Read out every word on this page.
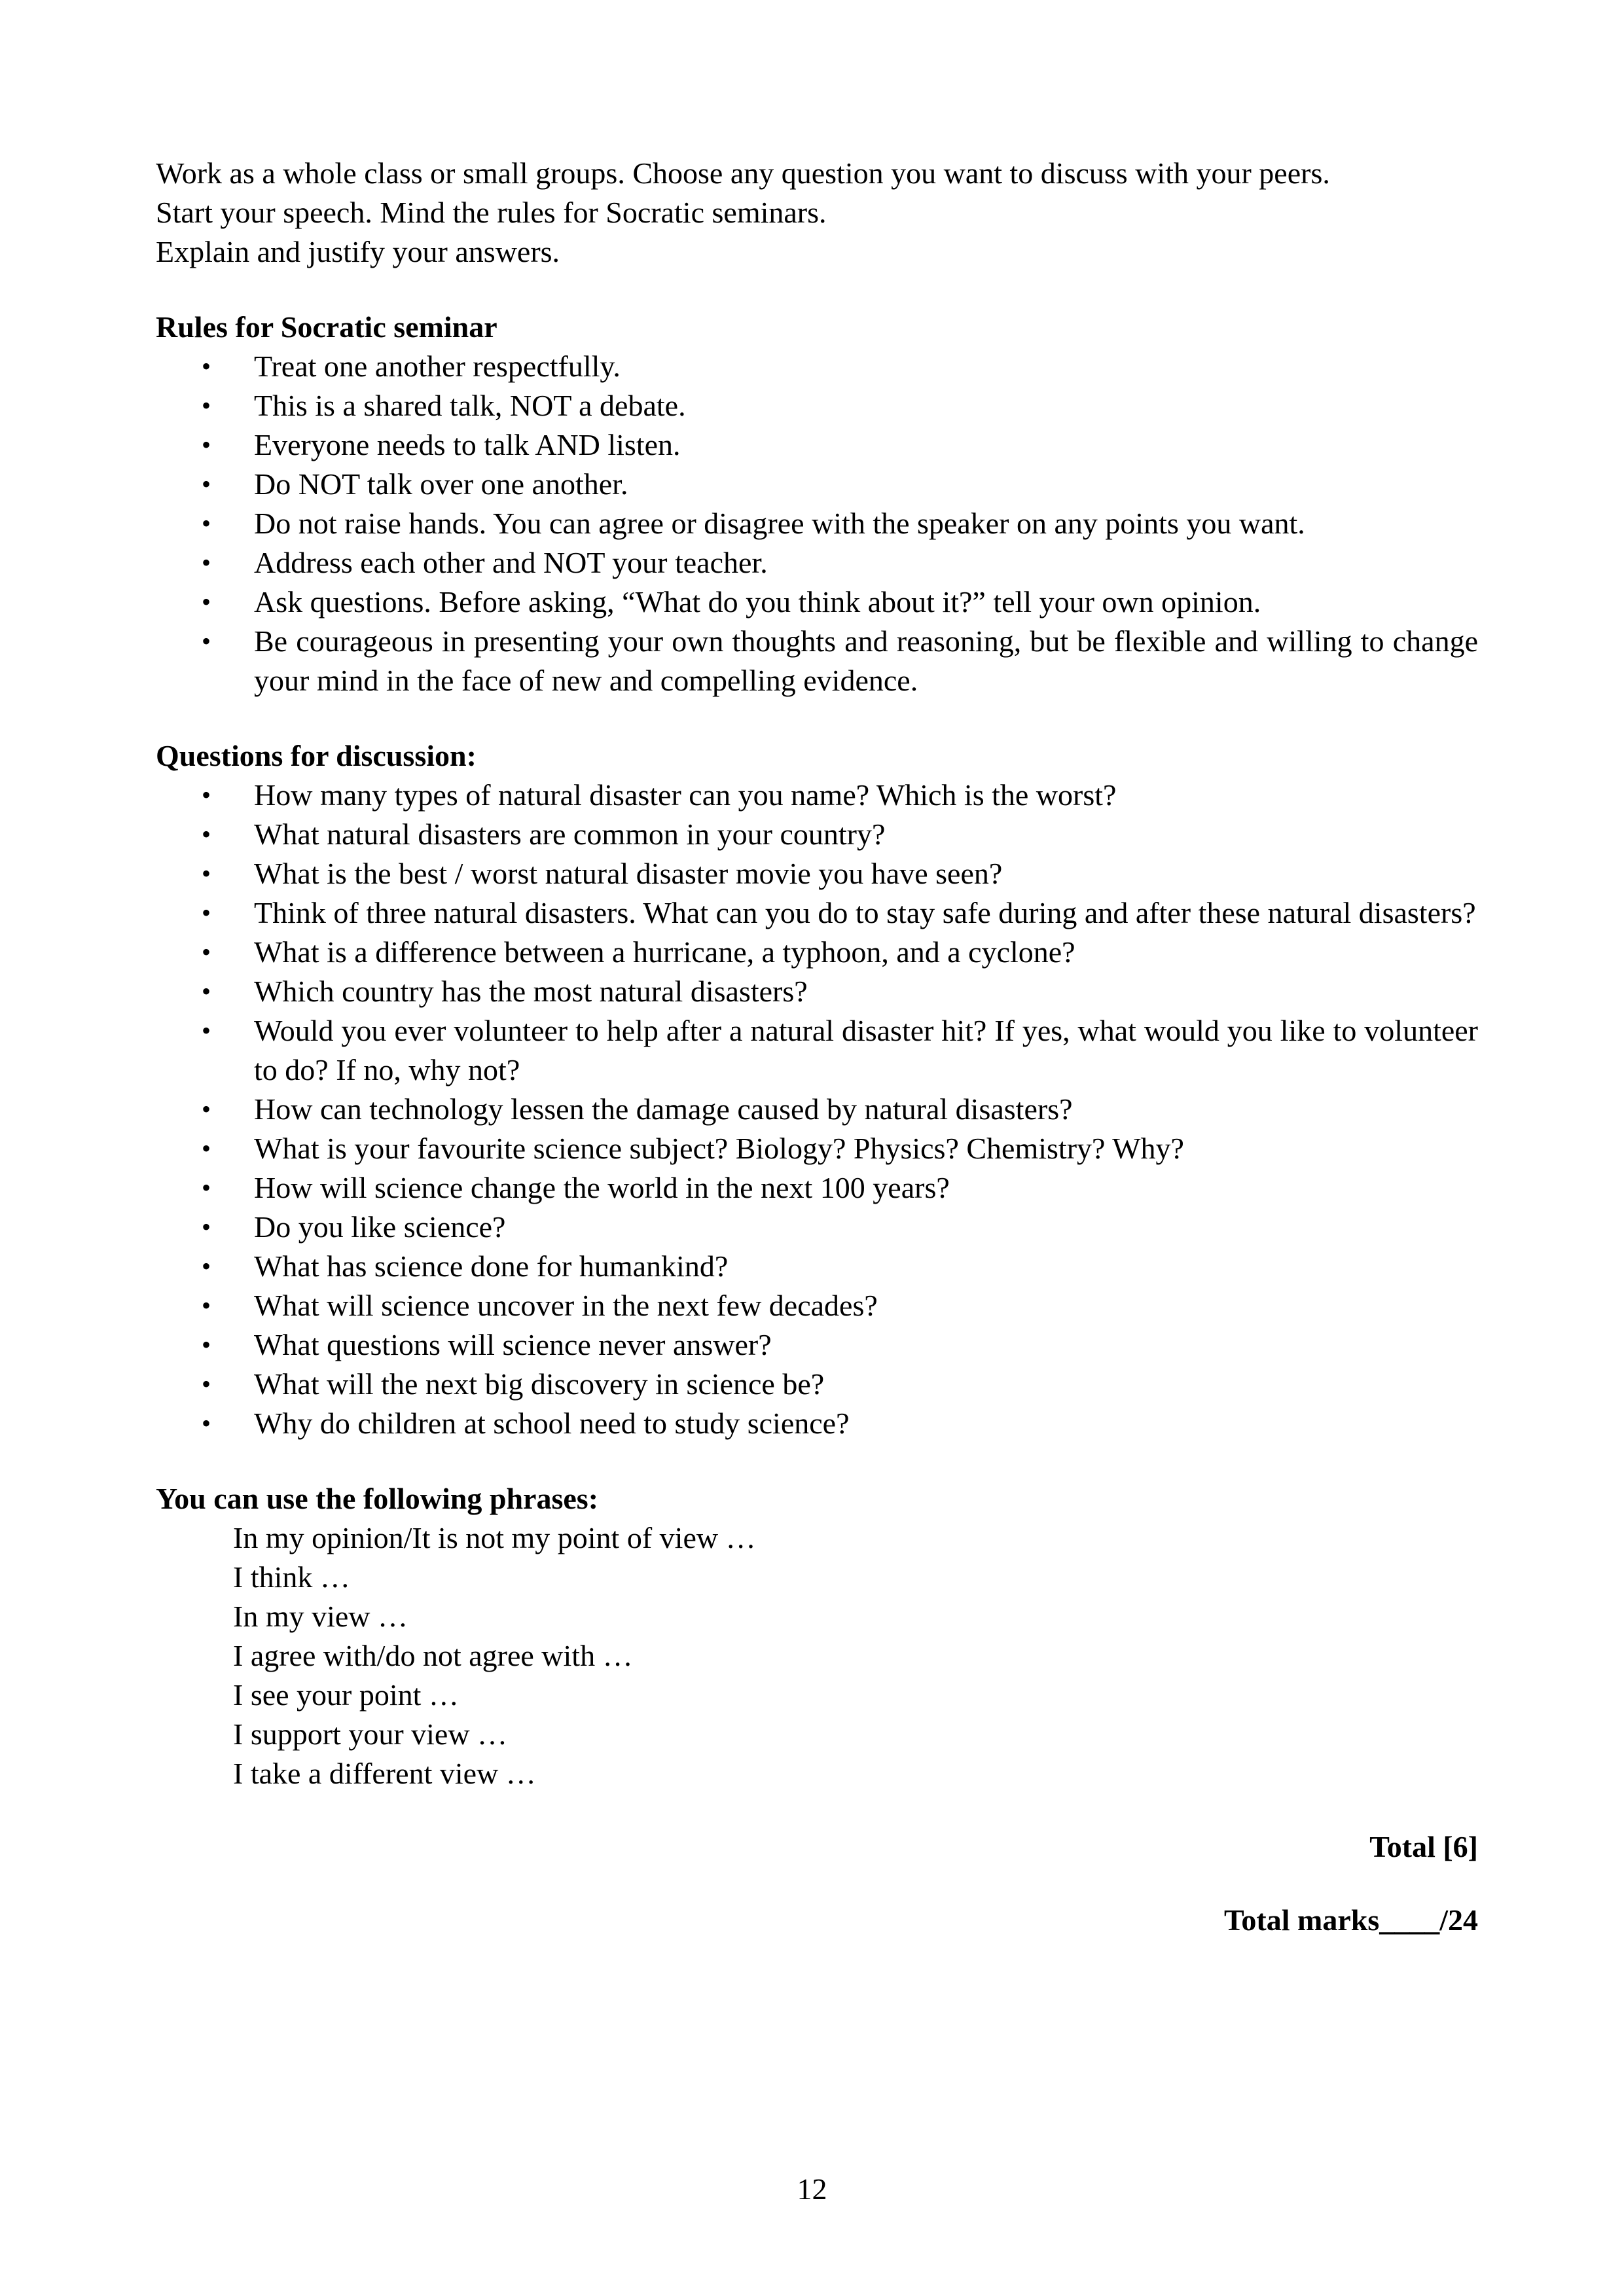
Work as a whole class or small groups. Choose any question you want to discuss with your peers.

Start your speech. Mind the rules for Socratic seminars.

Explain and justify your answers.

Rules for Socratic seminar

• Treat one another respectfully.
• This is a shared talk, NOT a debate.
• Everyone needs to talk AND listen.
• Do NOT talk over one another.
• Do not raise hands. You can agree or disagree with the speaker on any points you want.
• Address each other and NOT your teacher.
• Ask questions. Before asking, “What do you think about it?” tell your own opinion.
• Be courageous in presenting your own thoughts and reasoning, but be flexible and willing to change your mind in the face of new and compelling evidence.

Questions for discussion:

• How many types of natural disaster can you name? Which is the worst?
• What natural disasters are common in your country?
• What is the best / worst natural disaster movie you have seen?
• Think of three natural disasters. What can you do to stay safe during and after these natural disasters?
• What is a difference between a hurricane, a typhoon, and a cyclone?
• Which country has the most natural disasters?
• Would you ever volunteer to help after a natural disaster hit? If yes, what would you like to volunteer to do? If no, why not?
• How can technology lessen the damage caused by natural disasters?
• What is your favourite science subject? Biology? Physics? Chemistry? Why?
• How will science change the world in the next 100 years?
• Do you like science?
• What has science done for humankind?
• What will science uncover in the next few decades?
• What questions will science never answer?
• What will the next big discovery in science be?
• Why do children at school need to study science?

You can use the following phrases:

In my opinion/It is not my point of view …
I think …
In my view …
I agree with/do not agree with …
I see your point …
I support your view …
I take a different view …

Total [6]

Total marks____/24

12
